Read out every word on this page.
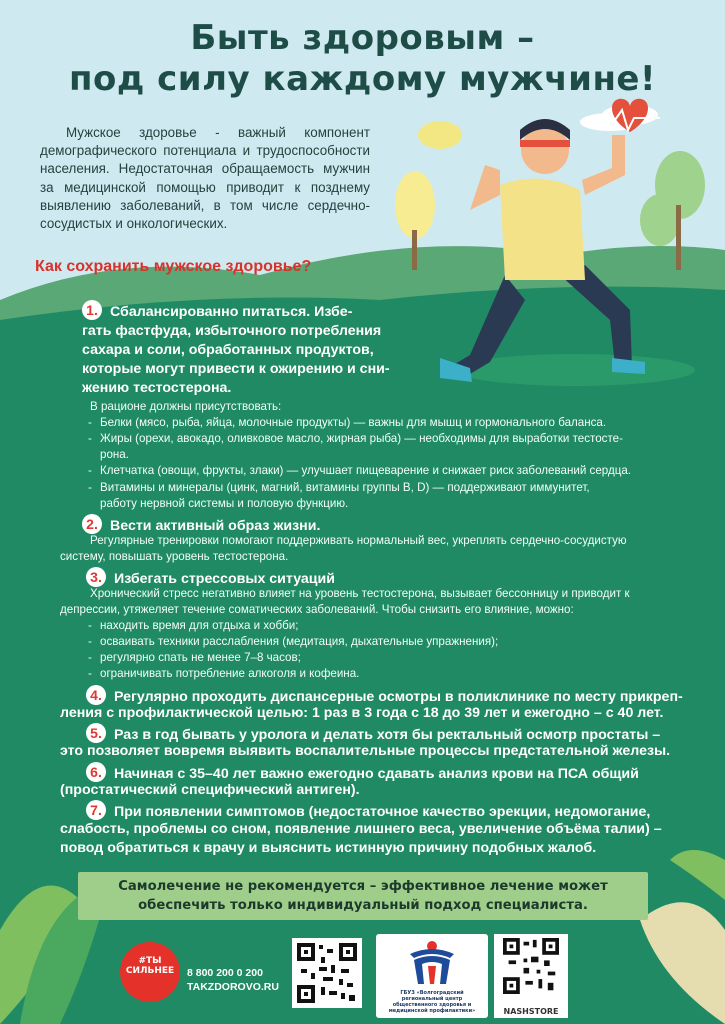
Быть здоровым –
под силу каждому мужчине!
Мужское здоровье - важный компонент демографического потенциала и трудоспособности населения. Недостаточная обращаемость мужчин за медицинской помощью приводит к позднему выявлению заболеваний, в том числе сердечно-сосудистых и онкологических.
Как сохранить мужское здоровье?
1. Сбалансированно питаться. Избе-
гать фастфуда, избыточного потребления
сахара и соли, обработанных продуктов,
которые могут привести к ожирению и сни-
жению тестостерона.
В рационе должны присутствовать:
- Белки (мясо, рыба, яйца, молочные продукты) — важны для мышц и гормонального баланса.
- Жиры (орехи, авокадо, оливковое масло, жирная рыба) — необходимы для выработки тестосте-
рона.
- Клетчатка (овощи, фрукты, злаки) — улучшает пищеварение и снижает риск заболеваний сердца.
- Витамины и минералы (цинк, магний, витамины группы B, D) — поддерживают иммунитет,
работу нервной системы и половую функцию.
2. Вести активный образ жизни.
Регулярные тренировки помогают поддерживать нормальный вес, укреплять сердечно-сосудистую
систему, повышать уровень тестостерона.
3. Избегать стрессовых ситуаций
Хронический стресс негативно влияет на уровень тестостерона, вызывает бессонницу и приводит к
депрессии, утяжеляет течение соматических заболеваний. Чтобы снизить его влияние, можно:
- находить время для отдыха и хобби;
- осваивать техники расслабления (медитация, дыхательные упражнения);
- регулярно спать не менее 7–8 часов;
- ограничивать потребление алкоголя и кофеина.
4. Регулярно проходить диспансерные осмотры в поликлинике по месту прикреп-
ления с профилактической целью: 1 раз в 3 года с 18 до 39 лет и ежегодно – с 40 лет.
5. Раз в год бывать у уролога и делать хотя бы ректальный осмотр простаты –
это позволяет вовремя выявить воспалительные процессы предстательной железы.
6. Начиная с 35–40 лет важно ежегодно сдавать анализ крови на ПСА общий
(простатический специфический антиген).
7. При появлении симптомов (недостаточное качество эрекции, недомогание,
слабость, проблемы со сном, появление лишнего веса, увеличение объёма талии) –
повод обратиться к врачу и выяснить истинную причину подобных жалоб.
Самолечение не рекомендуется – эффективное лечение может
обеспечить только индивидуальный подход специалиста.
#ТЫ СИЛЬНЕЕ	8 800 200 0 200
TAKZDOROVO.RU	ГБУЗ «Волгоградский региональный центр общественного здоровья и медицинской профилактики»	NASHSTORE
